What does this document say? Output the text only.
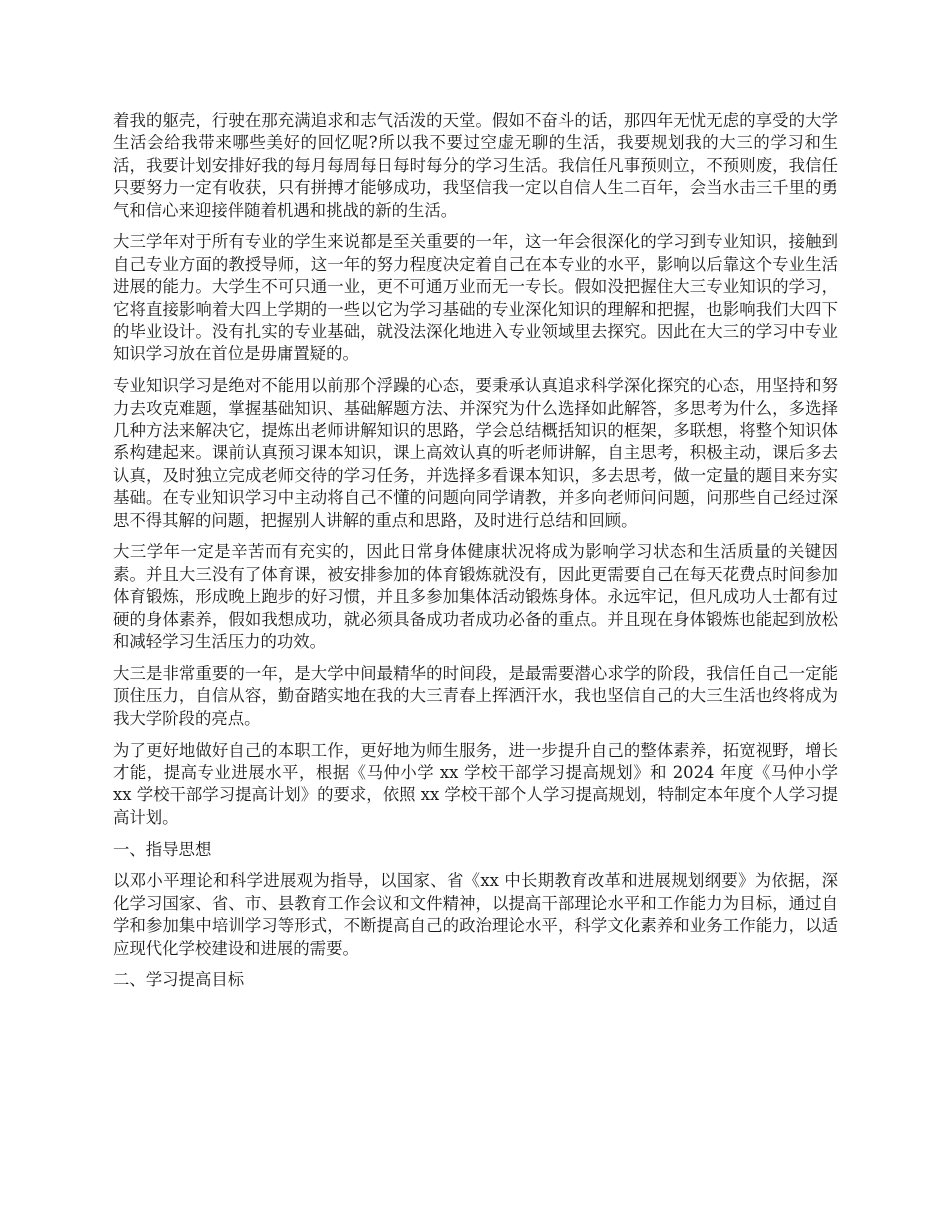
着我的躯壳，行驶在那充满追求和志气活泼的天堂。假如不奋斗的话，那四年无忧无虑的享受的大学生活会给我带来哪些美好的回忆呢?所以我不要过空虚无聊的生活，我要规划我的大三的学习和生活，我要计划安排好我的每月每周每日每时每分的学习生活。我信任凡事预则立，不预则废，我信任只要努力一定有收获，只有拼搏才能够成功，我坚信我一定以自信人生二百年，会当水击三千里的勇气和信心来迎接伴随着机遇和挑战的新的生活。

大三学年对于所有专业的学生来说都是至关重要的一年，这一年会很深化的学习到专业知识，接触到自己专业方面的教授导师，这一年的努力程度决定着自己在本专业的水平，影响以后靠这个专业生活进展的能力。大学生不可只通一业，更不可通万业而无一专长。假如没把握住大三专业知识的学习，它将直接影响着大四上学期的一些以它为学习基础的专业深化知识的理解和把握，也影响我们大四下的毕业设计。没有扎实的专业基础，就没法深化地进入专业领域里去探究。因此在大三的学习中专业知识学习放在首位是毋庸置疑的。

专业知识学习是绝对不能用以前那个浮躁的心态，要秉承认真追求科学深化探究的心态，用坚持和努力去攻克难题，掌握基础知识、基础解题方法、并深究为什么选择如此解答，多思考为什么，多选择几种方法来解决它，提炼出老师讲解知识的思路，学会总结概括知识的框架，多联想，将整个知识体系构建起来。课前认真预习课本知识，课上高效认真的听老师讲解，自主思考，积极主动，课后多去认真，及时独立完成老师交待的学习任务，并选择多看课本知识，多去思考，做一定量的题目来夯实基础。在专业知识学习中主动将自己不懂的问题向同学请教，并多向老师问问题，问那些自己经过深思不得其解的问题，把握别人讲解的重点和思路，及时进行总结和回顾。

大三学年一定是辛苦而有充实的，因此日常身体健康状况将成为影响学习状态和生活质量的关键因素。并且大三没有了体育课，被安排参加的体育锻炼就没有，因此更需要自己在每天花费点时间参加体育锻炼，形成晚上跑步的好习惯，并且多参加集体活动锻炼身体。永远牢记，但凡成功人士都有过硬的身体素养，假如我想成功，就必须具备成功者成功必备的重点。并且现在身体锻炼也能起到放松和减轻学习生活压力的功效。

大三是非常重要的一年，是大学中间最精华的时间段，是最需要潜心求学的阶段，我信任自己一定能顶住压力，自信从容，勤奋踏实地在我的大三青春上挥洒汗水，我也坚信自己的大三生活也终将成为我大学阶段的亮点。

为了更好地做好自己的本职工作，更好地为师生服务，进一步提升自己的整体素养，拓宽视野，增长才能，提高专业进展水平，根据《马仲小学 xx 学校干部学习提高规划》和 2024 年度《马仲小学 xx 学校干部学习提高计划》的要求，依照 xx 学校干部个人学习提高规划，特制定本年度个人学习提高计划。

一、指导思想

以邓小平理论和科学进展观为指导，以国家、省《xx 中长期教育改革和进展规划纲要》为依据，深化学习国家、省、市、县教育工作会议和文件精神，以提高干部理论水平和工作能力为目标，通过自学和参加集中培训学习等形式，不断提高自己的政治理论水平，科学文化素养和业务工作能力，以适应现代化学校建设和进展的需要。

二、学习提高目标
